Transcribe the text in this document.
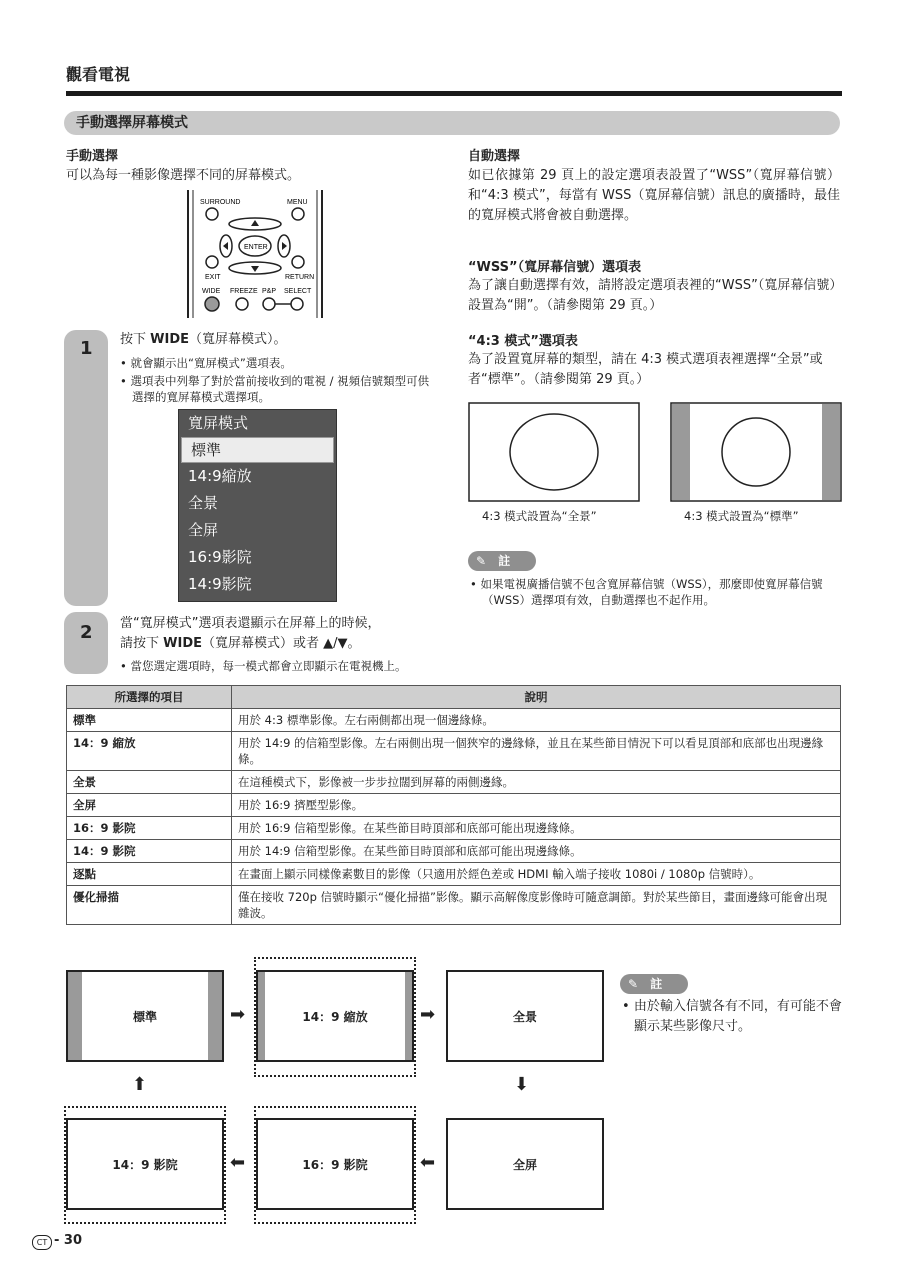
觀看電視
手動選擇屏幕模式
手動選擇
可以為每一種影像選擇不同的屏幕模式。
SURROUND	MENU
ENTER
EXIT	RETURN
WIDE FREEZE P&P SELECT
1 按下 WIDE（寬屏幕模式）。
• 就會顯示出“寬屏模式”選項表。
• 選項表中列舉了對於當前接收到的電視 / 視頻信號類型可供選擇的寬屏幕模式選擇項。
寬屏模式
標準
14:9縮放
全景
全屏
16:9影院
14:9影院
2 當“寬屏模式”選項表還顯示在屏幕上的時候，
請按下 WIDE（寬屏幕模式）或者 ▲/▼。
• 當您選定選項時，每一模式都會立即顯示在電視機上。
自動選擇
如已依據第 29 頁上的設定選項表設置了“WSS”（寬屏幕信號）和“4:3 模式”，每當有 WSS（寬屏幕信號）訊息的廣播時，最佳的寬屏模式將會被自動選擇。
“WSS”（寬屏幕信號）選項表
為了讓自動選擇有效，請將設定選項表裡的“WSS”（寬屏幕信號）設置為“開”。（請參閱第 29 頁。）
“4:3 模式”選項表
為了設置寬屏幕的類型，請在 4:3 模式選項表裡選擇“全景”或者“標準”。（請參閱第 29 頁。）
4:3 模式設置為“全景”	4:3 模式設置為“標準”
✎ 註
• 如果電視廣播信號不包含寬屏幕信號（WSS），那麼即使寬屏幕信號（WSS）選擇項有效，自動選擇也不起作用。
所選擇的項目	說明
標準	用於 4:3 標準影像。左右兩側都出現一個邊緣條。
14：9 縮放	用於 14:9 的信箱型影像。左右兩側出現一個狹窄的邊緣條，並且在某些節目情況下可以看見頂部和底部也出現邊緣條。
全景	在這種模式下，影像被一步步拉闊到屏幕的兩側邊緣。
全屏	用於 16:9 擠壓型影像。
16：9 影院	用於 16:9 信箱型影像。在某些節目時頂部和底部可能出現邊緣條。
14：9 影院	用於 14:9 信箱型影像。在某些節目時頂部和底部可能出現邊緣條。
逐點	在畫面上顯示同樣像素數目的影像（只適用於經色差或 HDMI 輸入端子接收 1080i / 1080p 信號時）。
優化掃描	僅在接收 720p 信號時顯示“優化掃描”影像。顯示高解像度影像時可隨意調節。對於某些節目，畫面邊緣可能會出現雜波。
標準	➡	14：9 縮放	➡	全景
⬆	⬇
14：9 影院	⬅	16：9 影院	⬅	全屏
✎ 註
• 由於輸入信號各有不同，有可能不會顯示某些影像尺寸。
CT - 30
